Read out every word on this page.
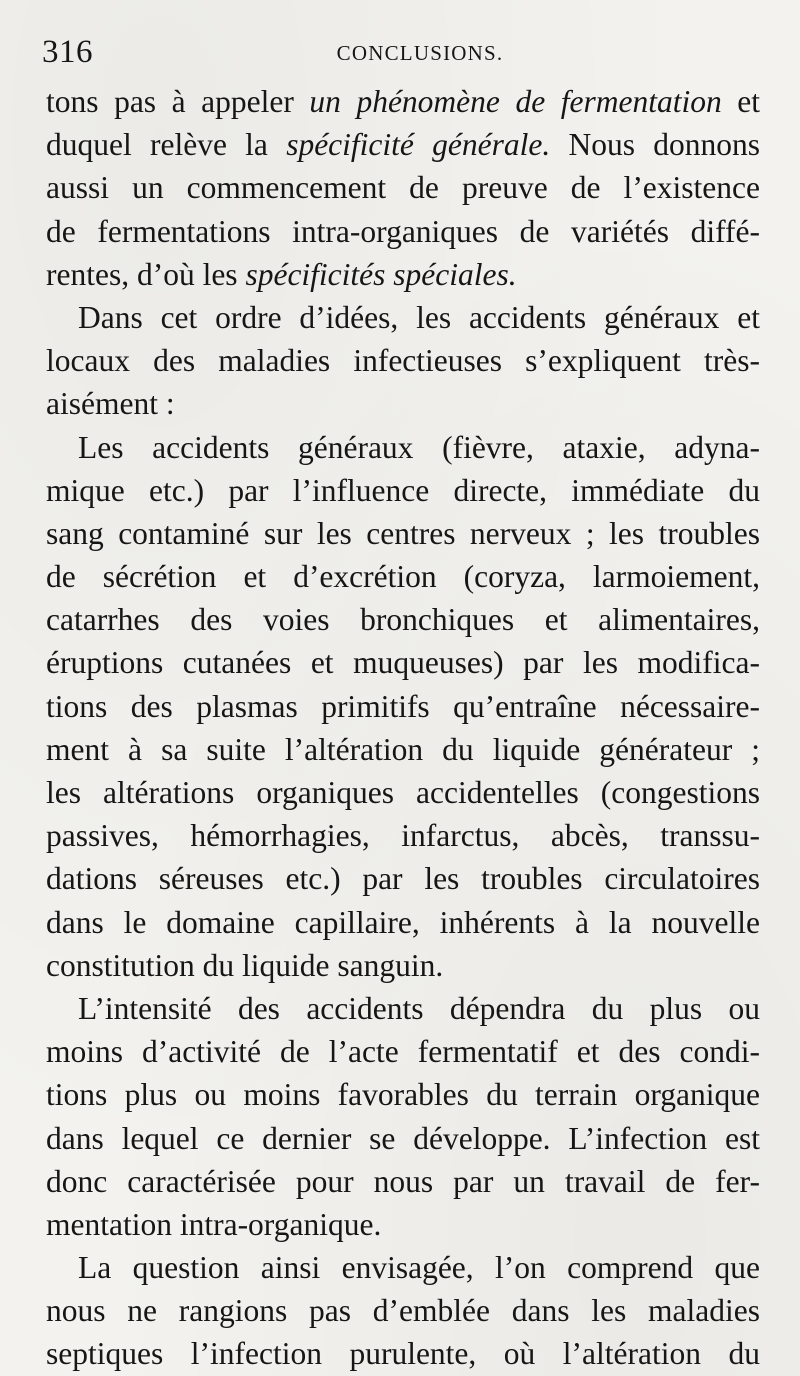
316	CONCLUSIONS.
tons pas à appeler un phénomène de fermentation et
duquel relève la spécificité générale. Nous donnons
aussi un commencement de preuve de l’existence
de fermentations intra-organiques de variétés diffé-
rentes, d’où les spécificités spéciales.
Dans cet ordre d’idées, les accidents généraux et
locaux des maladies infectieuses s’expliquent très-
aisément :
Les accidents généraux (fièvre, ataxie, adyna-
mique etc.) par l’influence directe, immédiate du
sang contaminé sur les centres nerveux ; les troubles
de sécrétion et d’excrétion (coryza, larmoiement,
catarrhes des voies bronchiques et alimentaires,
éruptions cutanées et muqueuses) par les modifica-
tions des plasmas primitifs qu’entraîne nécessaire-
ment à sa suite l’altération du liquide générateur ;
les altérations organiques accidentelles (congestions
passives, hémorrhagies, infarctus, abcès, transsu-
dations séreuses etc.) par les troubles circulatoires
dans le domaine capillaire, inhérents à la nouvelle
constitution du liquide sanguin.
L’intensité des accidents dépendra du plus ou
moins d’activité de l’acte fermentatif et des condi-
tions plus ou moins favorables du terrain organique
dans lequel ce dernier se développe. L’infection est
donc caractérisée pour nous par un travail de fer-
mentation intra-organique.
La question ainsi envisagée, l’on comprend que
nous ne rangions pas d’emblée dans les maladies
septiques l’infection purulente, où l’altération du
